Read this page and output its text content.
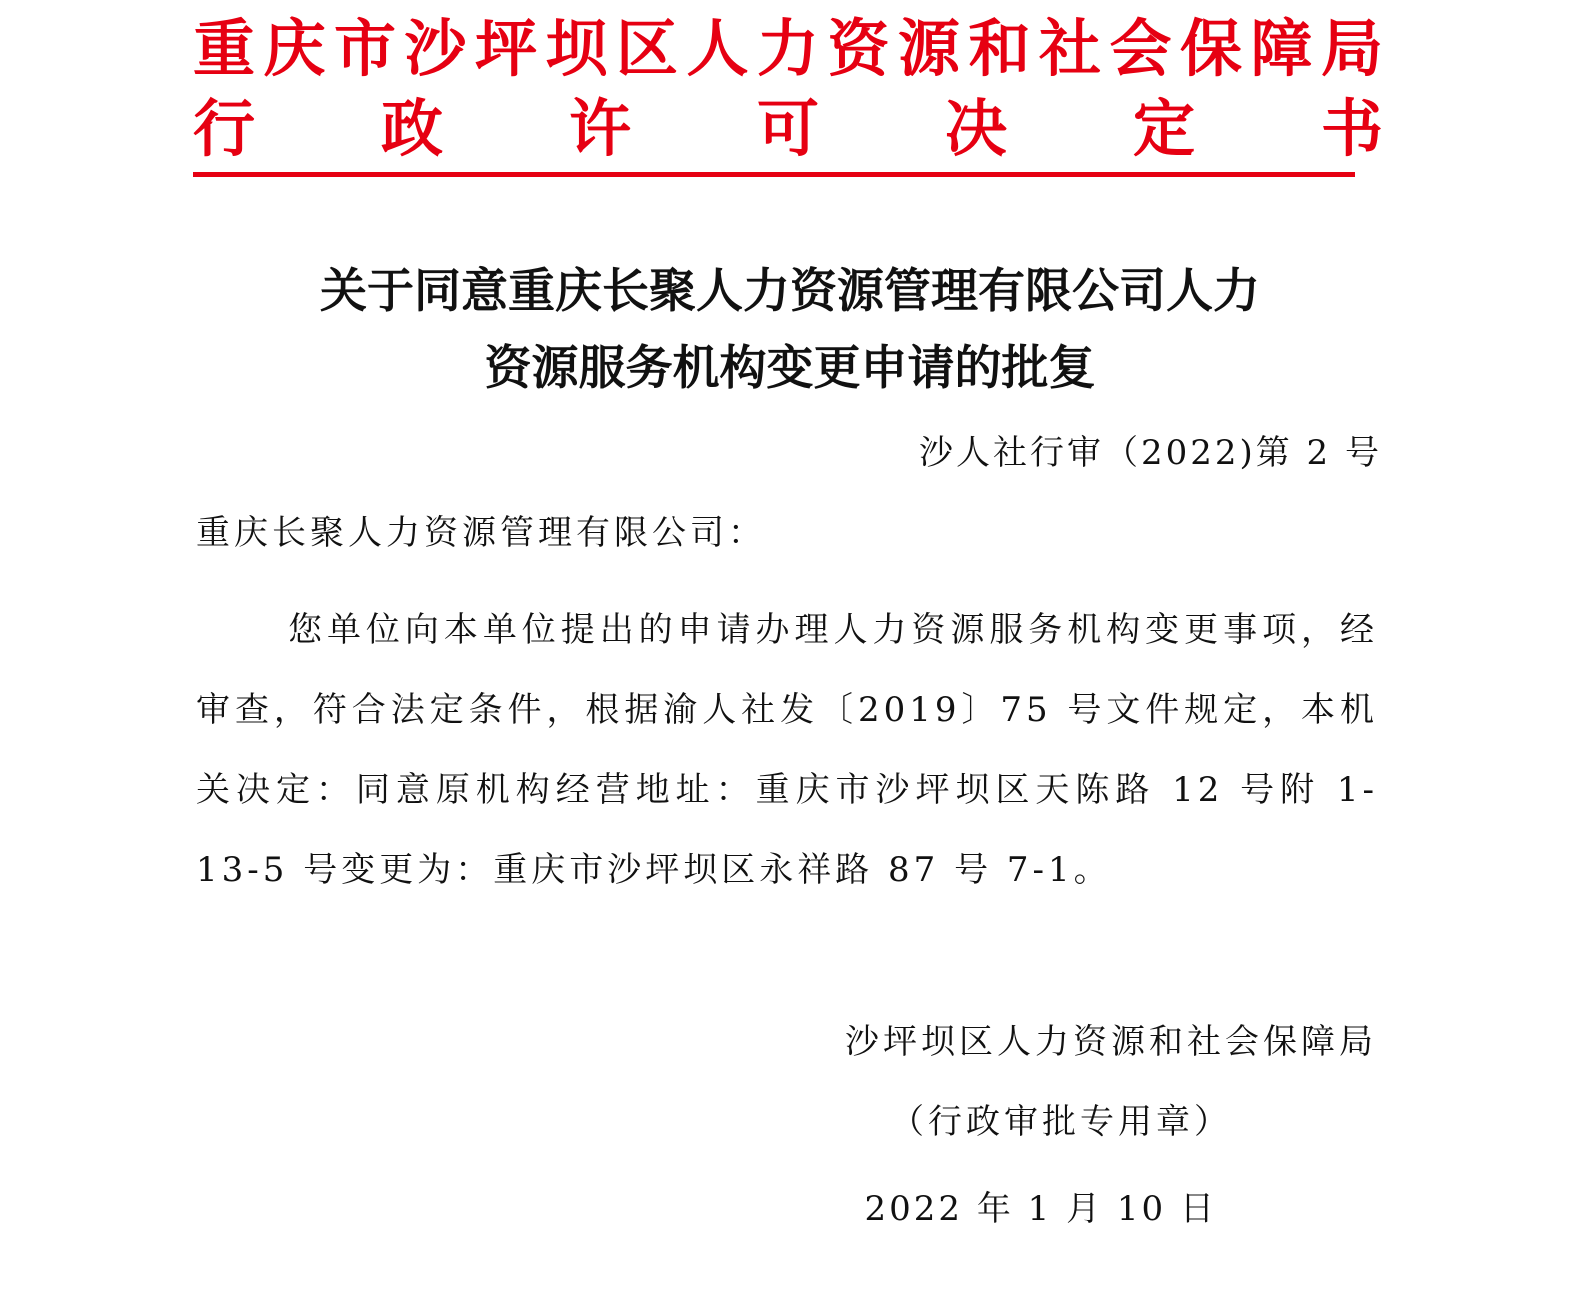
重庆市沙坪坝区人力资源和社会保障局
行政许可决定书
关于同意重庆长聚人力资源管理有限公司人力
资源服务机构变更申请的批复
沙人社行审（2022)第 2 号
重庆长聚人力资源管理有限公司：

您单位向本单位提出的申请办理人力资源服务机构变更事项，经审查，符合法定条件，根据渝人社发〔2019〕75 号文件规定，本机关决定：同意原机构经营地址：重庆市沙坪坝区天陈路 12 号附 1-13-5 号变更为：重庆市沙坪坝区永祥路 87 号 7-1。

沙坪坝区人力资源和社会保障局
（行政审批专用章）
2022 年 1 月 10 日
